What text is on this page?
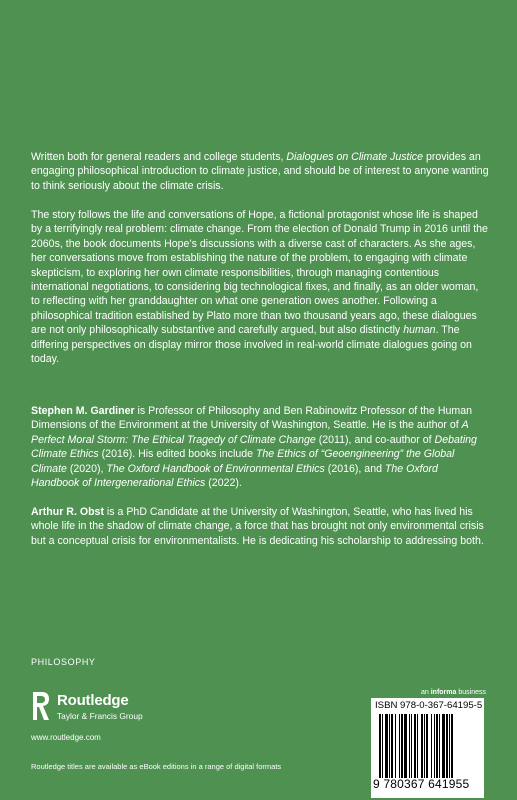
Written both for general readers and college students, Dialogues on Climate Justice provides an engaging philosophical introduction to climate justice, and should be of interest to anyone wanting to think seriously about the climate crisis.

The story follows the life and conversations of Hope, a fictional protagonist whose life is shaped by a terrifyingly real problem: climate change. From the election of Donald Trump in 2016 until the 2060s, the book documents Hope’s discussions with a diverse cast of characters. As she ages, her conversations move from establishing the nature of the problem, to engaging with climate skepticism, to exploring her own climate responsibilities, through managing contentious international negotiations, to considering big technological fixes, and finally, as an older woman, to reflecting with her granddaughter on what one generation owes another. Following a philosophical tradition established by Plato more than two thousand years ago, these dialogues are not only philosophically substantive and carefully argued, but also distinctly human. The differing perspectives on display mirror those involved in real-world climate dialogues going on today.

Stephen M. Gardiner is Professor of Philosophy and Ben Rabinowitz Professor of the Human Dimensions of the Environment at the University of Washington, Seattle. He is the author of A Perfect Moral Storm: The Ethical Tragedy of Climate Change (2011), and co-author of Debating Climate Ethics (2016). His edited books include The Ethics of “Geoengineering” the Global Climate (2020), The Oxford Handbook of Environmental Ethics (2016), and The Oxford Handbook of Intergenerational Ethics (2022).

Arthur R. Obst is a PhD Candidate at the University of Washington, Seattle, who has lived his whole life in the shadow of climate change, a force that has brought not only environmental crisis but a conceptual crisis for environmentalists. He is dedicating his scholarship to addressing both.

PHILOSOPHY
Routledge
Taylor & Francis Group
www.routledge.com
Routledge titles are available as eBook editions in a range of digital formats
an informa business
ISBN 978-0-367-64195-5
9 780367 641955
